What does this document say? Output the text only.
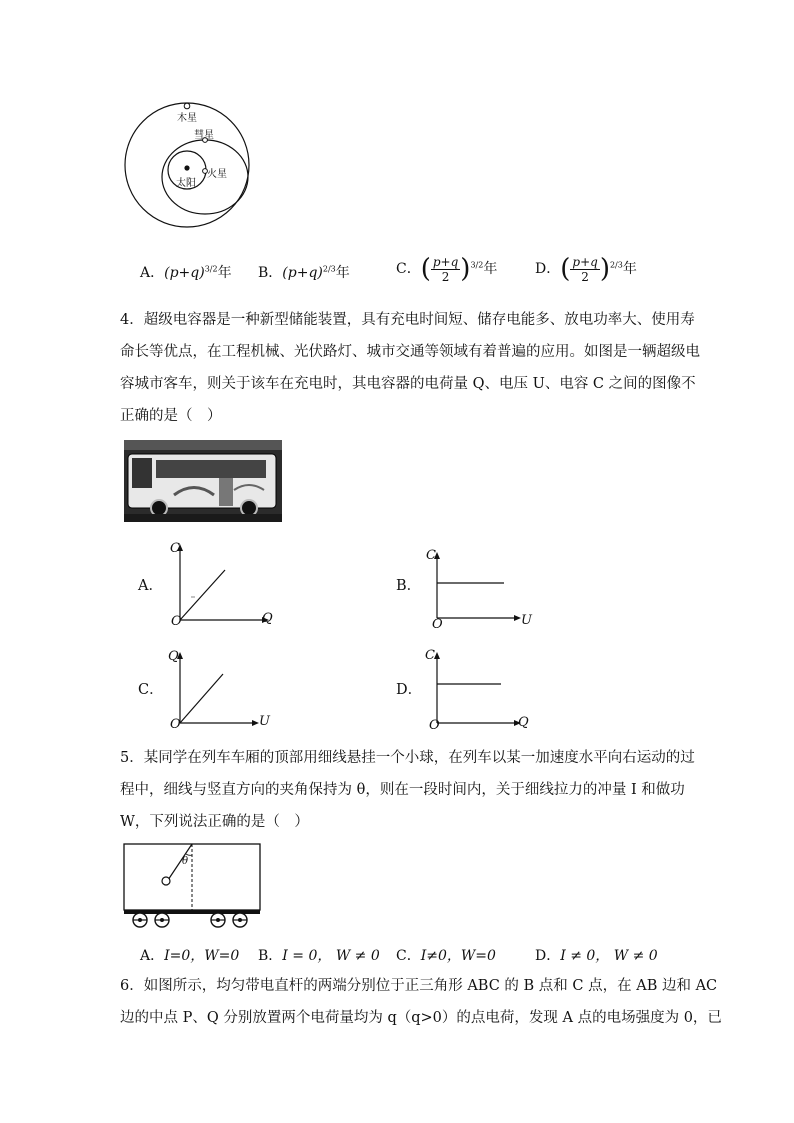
木星
彗星
太阳
火星
A．$(p+q)^{3/2}$年 B．$(p+q)^{2/3}$年	C．( $\frac{p+q}{2} )^{3/2}$年	D．( $\frac{p+q}{2} )^{2/3}$年
4．超级电容器是一种新型储能装置，具有充电时间短、储存电能多、放电功率大、使用寿
命长等优点，在工程机械、光伏路灯、城市交通等领域有着普遍的应用。如图是一辆超级电
容城市客车，则关于该车在充电时，其电容器的电荷量 Q、电压 U、电容 C 之间的图像不
正确的是（　）
A．
C
Q
O
B．
C
U
O
C．
Q
U
O
D．
C
Q
O
5．某同学在列车车厢的顶部用细线悬挂一个小球，在列车以某一加速度水平向右运动的过
程中，细线与竖直方向的夹角保持为 θ，则在一段时间内，关于细线拉力的冲量 I 和做功
W，下列说法正确的是（　）
θ
A．I=0，W=0 B．I = 0， W ≠ 0 C．I≠0，W=0	D．I ≠ 0， W ≠ 0
6．如图所示，均匀带电直杆的两端分别位于正三角形 ABC 的 B 点和 C 点，在 AB 边和 AC
边的中点 P、Q 分别放置两个电荷量均为 q（q>0）的点电荷，发现 A 点的电场强度为 0，已
